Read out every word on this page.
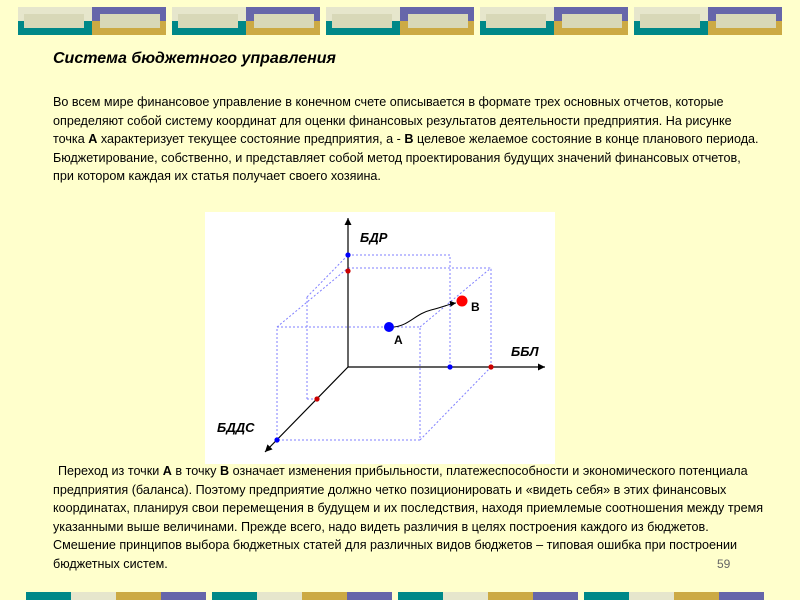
Система бюджетного управления

Во всем мире финансовое управление в конечном счете описывается в формате трех основных отчетов, которые определяют собой систему координат для оценки финансовых результатов деятельности предприятия. На рисунке точка А характеризует текущее состояние предприятия, а - В целевое желаемое состояние в конце планового периода. Бюджетирование, собственно, и представляет собой метод проектирования будущих значений финансовых отчетов, при котором каждая их статья получает своего хозяина.

А
В
БДР
ББЛ
БДДС

Переход из точки А в точку В означает изменения прибыльности, платежеспособности и экономического потенциала предприятия (баланса). Поэтому предприятие должно четко позиционировать и «видеть себя» в этих финансовых координатах, планируя свои перемещения в будущем и их последствия, находя приемлемые соотношения между тремя указанными выше величинами. Прежде всего, надо видеть различия в целях построения каждого из бюджетов. Смешение принципов выбора бюджетных статей для различных видов бюджетов – типовая ошибка при построении бюджетных систем.	59
